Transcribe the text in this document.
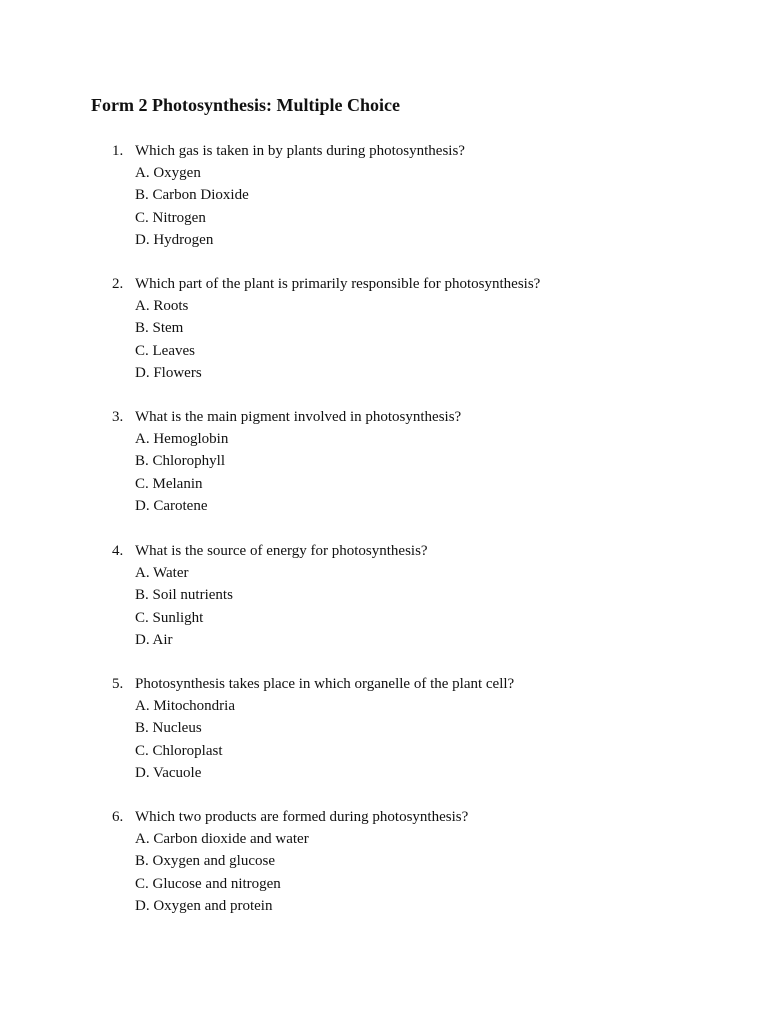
Form 2 Photosynthesis: Multiple Choice
1. Which gas is taken in by plants during photosynthesis?
A. Oxygen
B. Carbon Dioxide
C. Nitrogen
D. Hydrogen
2. Which part of the plant is primarily responsible for photosynthesis?
A. Roots
B. Stem
C. Leaves
D. Flowers
3. What is the main pigment involved in photosynthesis?
A. Hemoglobin
B. Chlorophyll
C. Melanin
D. Carotene
4. What is the source of energy for photosynthesis?
A. Water
B. Soil nutrients
C. Sunlight
D. Air
5. Photosynthesis takes place in which organelle of the plant cell?
A. Mitochondria
B. Nucleus
C. Chloroplast
D. Vacuole
6. Which two products are formed during photosynthesis?
A. Carbon dioxide and water
B. Oxygen and glucose
C. Glucose and nitrogen
D. Oxygen and protein
